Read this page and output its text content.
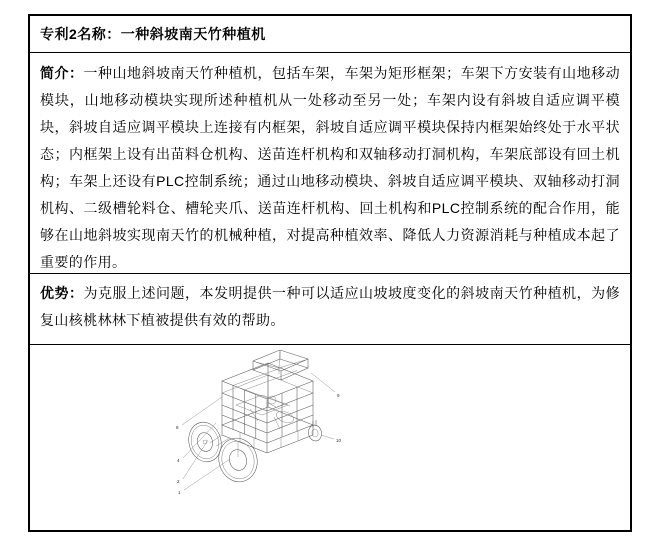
专利2名称： 一种斜坡南天竹种植机

简介：一种山地斜坡南天竹种植机，包括车架，车架为矩形框架；车架下方安装有山地移动模块，山地移动模块实现所述种植机从一处移动至另一处；车架内设有斜坡自适应调平模块，斜坡自适应调平模块上连接有内框架，斜坡自适应调平模块保持内框架始终处于水平状态；内框架上设有出苗料仓机构、送苗连杆机构和双轴移动打洞机构，车架底部设有回土机构；车架上还设有PLC控制系统；通过山地移动模块、斜坡自适应调平模块、双轴移动打洞机构、二级槽轮料仓、槽轮夹爪、送苗连杆机构、回土机构和PLC控制系统的配合作用，能够在山地斜坡实现南天竹的机械种植，对提高种植效率、降低人力资源消耗与种植成本起了重要的作用。

优势：为克服上述问题，本发明提供一种可以适应山坡坡度变化的斜坡南天竹种植机，为修复山核桃林林下植被提供有效的帮助。

8
4
2
1
9
10
